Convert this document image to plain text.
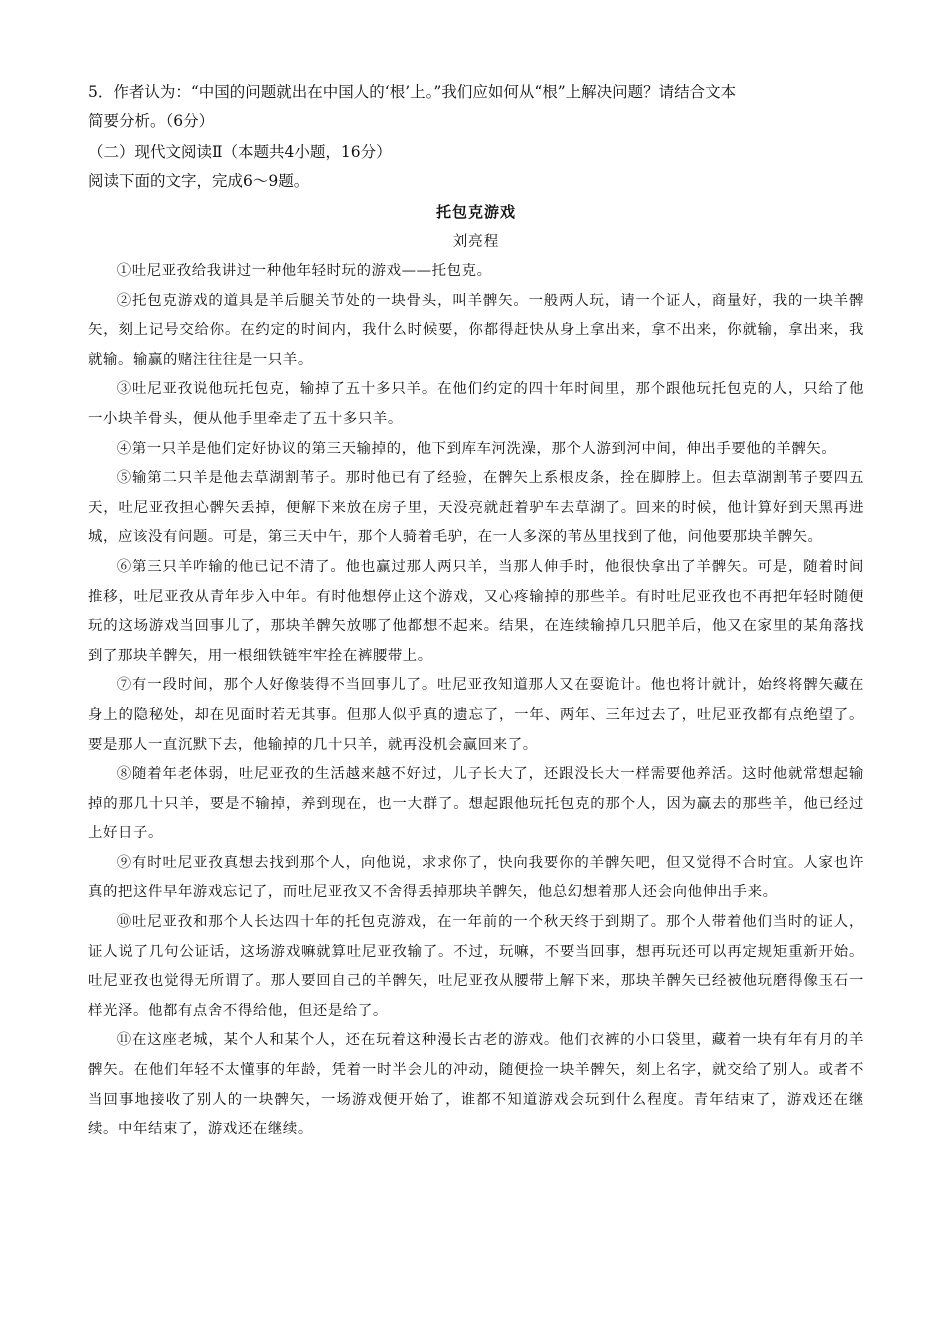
5．作者认为：“中国的问题就出在中国人的‘根’上。”我们应如何从“根”上解决问题？请结合文本

简要分析。（6分）

（二）现代文阅读Ⅱ（本题共4小题，16分）

阅读下面的文字，完成6～9题。

托包克游戏
刘亮程

①吐尼亚孜给我讲过一种他年轻时玩的游戏——托包克。

②托包克游戏的道具是羊后腿关节处的一块骨头，叫羊髀矢。一般两人玩，请一个证人，商量好，我的一块羊髀矢，刻上记号交给你。在约定的时间内，我什么时候要，你都得赶快从身上拿出来，拿不出来，你就输，拿出来，我就输。输赢的赌注往往是一只羊。

③吐尼亚孜说他玩托包克，输掉了五十多只羊。在他们约定的四十年时间里，那个跟他玩托包克的人，只给了他一小块羊骨头，便从他手里牵走了五十多只羊。

④第一只羊是他们定好协议的第三天输掉的，他下到库车河洗澡，那个人游到河中间，伸出手要他的羊髀矢。

⑤输第二只羊是他去草湖割苇子。那时他已有了经验，在髀矢上系根皮条，拴在脚脖上。但去草湖割苇子要四五天，吐尼亚孜担心髀矢丢掉，便解下来放在房子里，天没亮就赶着驴车去草湖了。回来的时候，他计算好到天黑再进城，应该没有问题。可是，第三天中午，那个人骑着毛驴，在一人多深的苇丛里找到了他，问他要那块羊髀矢。

⑥第三只羊咋输的他已记不清了。他也赢过那人两只羊，当那人伸手时，他很快拿出了羊髀矢。可是，随着时间推移，吐尼亚孜从青年步入中年。有时他想停止这个游戏，又心疼输掉的那些羊。有时吐尼亚孜也不再把年轻时随便玩的这场游戏当回事儿了，那块羊髀矢放哪了他都想不起来。结果，在连续输掉几只肥羊后，他又在家里的某角落找到了那块羊髀矢，用一根细铁链牢牢拴在裤腰带上。

⑦有一段时间，那个人好像装得不当回事儿了。吐尼亚孜知道那人又在耍诡计。他也将计就计，始终将髀矢藏在身上的隐秘处，却在见面时若无其事。但那人似乎真的遗忘了，一年、两年、三年过去了，吐尼亚孜都有点绝望了。要是那人一直沉默下去，他输掉的几十只羊，就再没机会赢回来了。

⑧随着年老体弱，吐尼亚孜的生活越来越不好过，儿子长大了，还跟没长大一样需要他养活。这时他就常想起输掉的那几十只羊，要是不输掉，养到现在，也一大群了。想起跟他玩托包克的那个人，因为赢去的那些羊，他已经过上好日子。

⑨有时吐尼亚孜真想去找到那个人，向他说，求求你了，快向我要你的羊髀矢吧，但又觉得不合时宜。人家也许真的把这件早年游戏忘记了，而吐尼亚孜又不舍得丢掉那块羊髀矢，他总幻想着那人还会向他伸出手来。

⑩吐尼亚孜和那个人长达四十年的托包克游戏，在一年前的一个秋天终于到期了。那个人带着他们当时的证人，证人说了几句公证话，这场游戏嘛就算吐尼亚孜输了。不过，玩嘛，不要当回事，想再玩还可以再定规矩重新开始。吐尼亚孜也觉得无所谓了。那人要回自己的羊髀矢，吐尼亚孜从腰带上解下来，那块羊髀矢已经被他玩磨得像玉石一样光泽。他都有点舍不得给他，但还是给了。

⑪在这座老城，某个人和某个人，还在玩着这种漫长古老的游戏。他们衣裤的小口袋里，藏着一块有年有月的羊髀矢。在他们年轻不太懂事的年龄，凭着一时半会儿的冲动，随便捡一块羊髀矢，刻上名字，就交给了别人。或者不当回事地接收了别人的一块髀矢，一场游戏便开始了，谁都不知道游戏会玩到什么程度。青年结束了，游戏还在继续。中年结束了，游戏还在继续。
